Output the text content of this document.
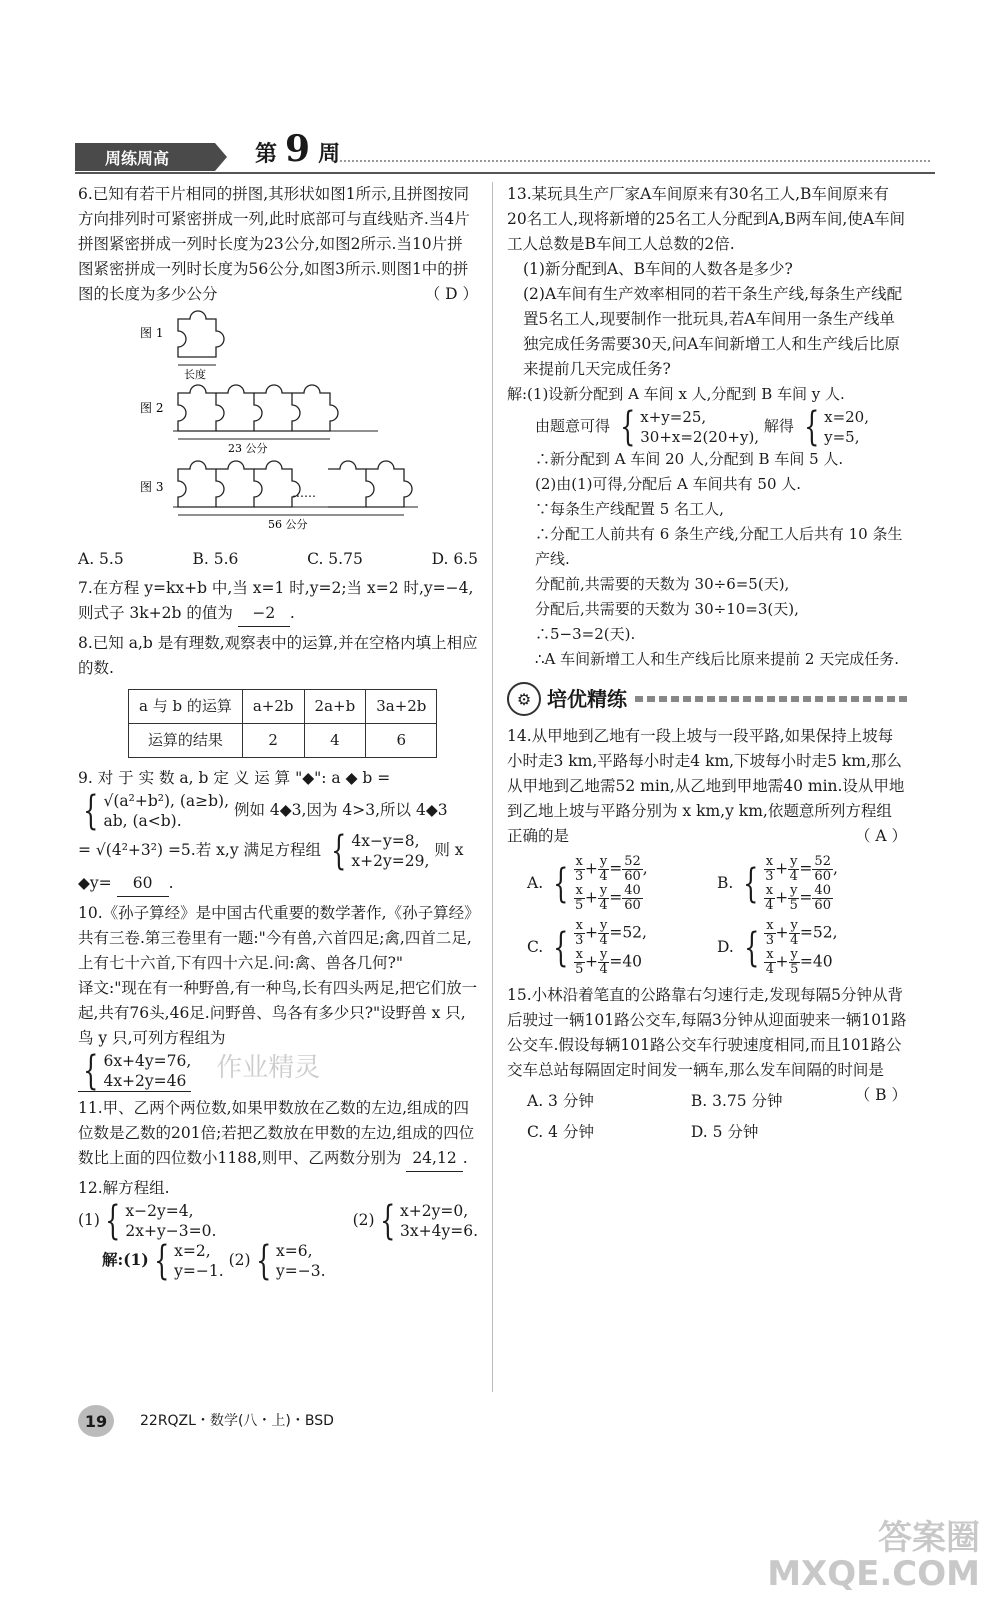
周练周高	第 9 周

6.已知有若干片相同的拼图,其形状如图1所示,且拼图按同方向排列时可紧密拼成一列,此时底部可与直线贴齐.当4片拼图紧密拼成一列时长度为23公分,如图2所示.当10片拼图紧密拼成一列时长度为56公分,如图3所示.则图1中的拼图的长度为多少公分	（ D ）

图 1
长度
图 2
23 公分
图 3	……
56 公分
A. 5.5	B. 5.6	C. 5.75	D. 6.5

7.在方程 y=kx+b 中,当 x=1 时,y=2;当 x=2 时,y=−4,则式子 3k+2b 的值为 −2 .

8.已知 a,b 是有理数,观察表中的运算,并在空格内填上相应的数.

a 与 b 的运算	a+2b	2a+b	3a+2b
运算的结果	2	4	6

9. 对 于 实 数 a, b 定 义 运 算 "◆": a ◆ b =

{ √(a²+b²), (a≥b),
ab, (a<b).
例如 4◆3,因为 4>3,所以 4◆3

= √(4²+3²) =5.若 x,y 满足方程组 { 4x−y=8,
x+2y=29,
则 x

◆y= 60 .

10.《孙子算经》是中国古代重要的数学著作,《孙子算经》共有三卷.第三卷里有一题:"今有兽,六首四足;禽,四首二足,上有七十六首,下有四十六足.问:禽、兽各几何?"

译文:"现在有一种野兽,有一种鸟,长有四头两足,把它们放一起,共有76头,46足.问野兽、鸟各有多少只?"设野兽 x 只,鸟 y 只,可列方程组为

{ 6x+4y=76,
4x+2y=46 作业精灵

11.甲、乙两个两位数,如果甲数放在乙数的左边,组成的四位数是乙数的201倍;若把乙数放在甲数的左边,组成的四位数比上面的四位数小1188,则甲、乙两数分别为 24,12 .

12.解方程组.

(1) { x−2y=4,
2x+y−3=0.
(2) { x+2y=0,
3x+4y=6.

解:(1) { x=2,
y=−1.
(2) { x=6,
y=−3.

13.某玩具生产厂家A车间原来有30名工人,B车间原来有20名工人,现将新增的25名工人分配到A,B两车间,使A车间工人总数是B车间工人总数的2倍.

(1)新分配到A、B车间的人数各是多少?

(2)A车间有生产效率相同的若干条生产线,每条生产线配置5名工人,现要制作一批玩具,若A车间用一条生产线单独完成任务需要30天,问A车间新增工人和生产线后比原来提前几天完成任务?

解:(1)设新分配到 A 车间 x 人,分配到 B 车间 y 人.

由题意可得 { x+y=25,
30+x=2(20+y),
解得 { x=20,
y=5,

∴新分配到 A 车间 20 人,分配到 B 车间 5 人.

(2)由(1)可得,分配后 A 车间共有 50 人.

∵每条生产线配置 5 名工人,

∴分配工人前共有 6 条生产线,分配工人后共有 10 条生产线.

分配前,共需要的天数为 30÷6=5(天),

分配后,共需要的天数为 30÷10=3(天),

∴5−3=2(天).

∴A 车间新增工人和生产线后比原来提前 2 天完成任务.

⚙ 培优精练

14.从甲地到乙地有一段上坡与一段平路,如果保持上坡每小时走3 km,平路每小时走4 km,下坡每小时走5 km,那么从甲地到乙地需52 min,从乙地到甲地需40 min.设从甲地到乙地上坡与平路分别为 x km,y km,依题意所列方程组正确的是	（ A ）

A. { $\frac{x}{3} + \frac{y}{4} = \frac{52}{60}$ ,
$\frac{x}{5} + \frac{y}{4} = \frac{40}{60}$
B. { $\frac{x}{3} + \frac{y}{4} = \frac{52}{60}$ ,
$\frac{x}{4} + \frac{y}{5} = \frac{40}{60}$
C. { $\frac{x}{3} + \frac{y}{4} =52$,
$\frac{x}{5} + \frac{y}{4} =40$
D. { $\frac{x}{3} + \frac{y}{4} =52$,
$\frac{x}{4} + \frac{y}{5} =40$

15.小林沿着笔直的公路靠右匀速行走,发现每隔5分钟从背后驶过一辆101路公交车,每隔3分钟从迎面驶来一辆101路公交车.假设每辆101路公交车行驶速度相同,而且101路公交车总站每隔固定时间发一辆车,那么发车间隔的时间是
（ B ）

A. 3 分钟	B. 3.75 分钟
C. 4 分钟	D. 5 分钟
19	22RQZL・数学(八・上)・BSD
答案圈
MXQE.COM
